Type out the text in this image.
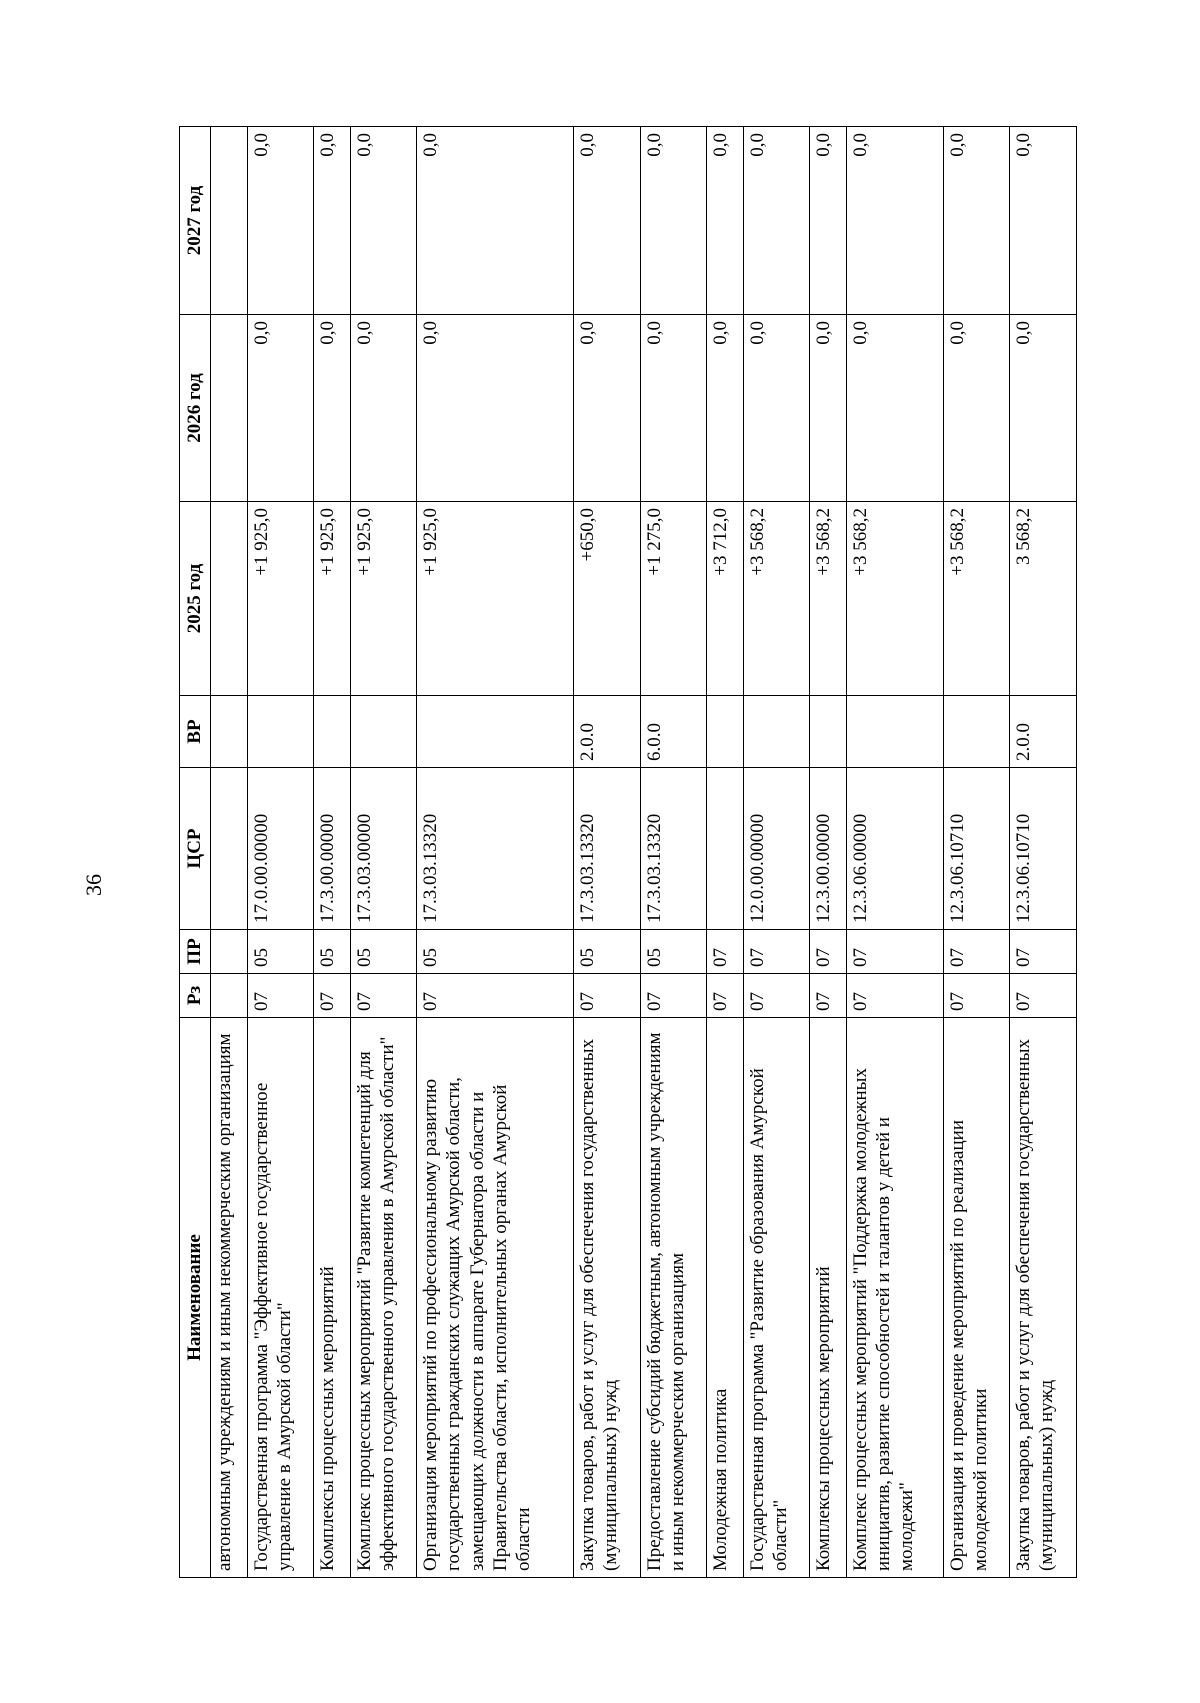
36
Наименование	Рз	ПР	ЦСР	ВР	2025 год	2026 год	2027 год
автономным учреждениям и иным некоммерческим организациям							
Государственная программа "Эффективное государственное управление в Амурской области"	07	05	17.0.00.00000		+1 925,0	0,0	0,0
Комплексы процессных мероприятий	07	05	17.3.00.00000		+1 925,0	0,0	0,0
Комплекс процессных мероприятий "Развитие компетенций для эффективного государственного управления в Амурской области"	07	05	17.3.03.00000		+1 925,0	0,0	0,0
Организация мероприятий по профессиональному развитию государственных гражданских служащих Амурской области, замещающих должности в аппарате Губернатора области и Правительства области, исполнительных органах Амурской области	07	05	17.3.03.13320		+1 925,0	0,0	0,0
Закупка товаров, работ и услуг для обеспечения государственных (муниципальных) нужд	07	05	17.3.03.13320	2.0.0	+650,0	0,0	0,0
Предоставление субсидий бюджетным, автономным учреждениям и иным некоммерческим организациям	07	05	17.3.03.13320	6.0.0	+1 275,0	0,0	0,0
Молодежная политика	07	07			+3 712,0	0,0	0,0
Государственная программа "Развитие образования Амурской области"	07	07	12.0.00.00000		+3 568,2	0,0	0,0
Комплексы процессных мероприятий	07	07	12.3.00.00000		+3 568,2	0,0	0,0
Комплекс процессных мероприятий "Поддержка молодежных инициатив, развитие способностей и талантов у детей и молодежи"	07	07	12.3.06.00000		+3 568,2	0,0	0,0
Организация и проведение мероприятий по реализации молодежной политики	07	07	12.3.06.10710		+3 568,2	0,0	0,0
Закупка товаров, работ и услуг для обеспечения государственных (муниципальных) нужд	07	07	12.3.06.10710	2.0.0	3 568,2	0,0	0,0
